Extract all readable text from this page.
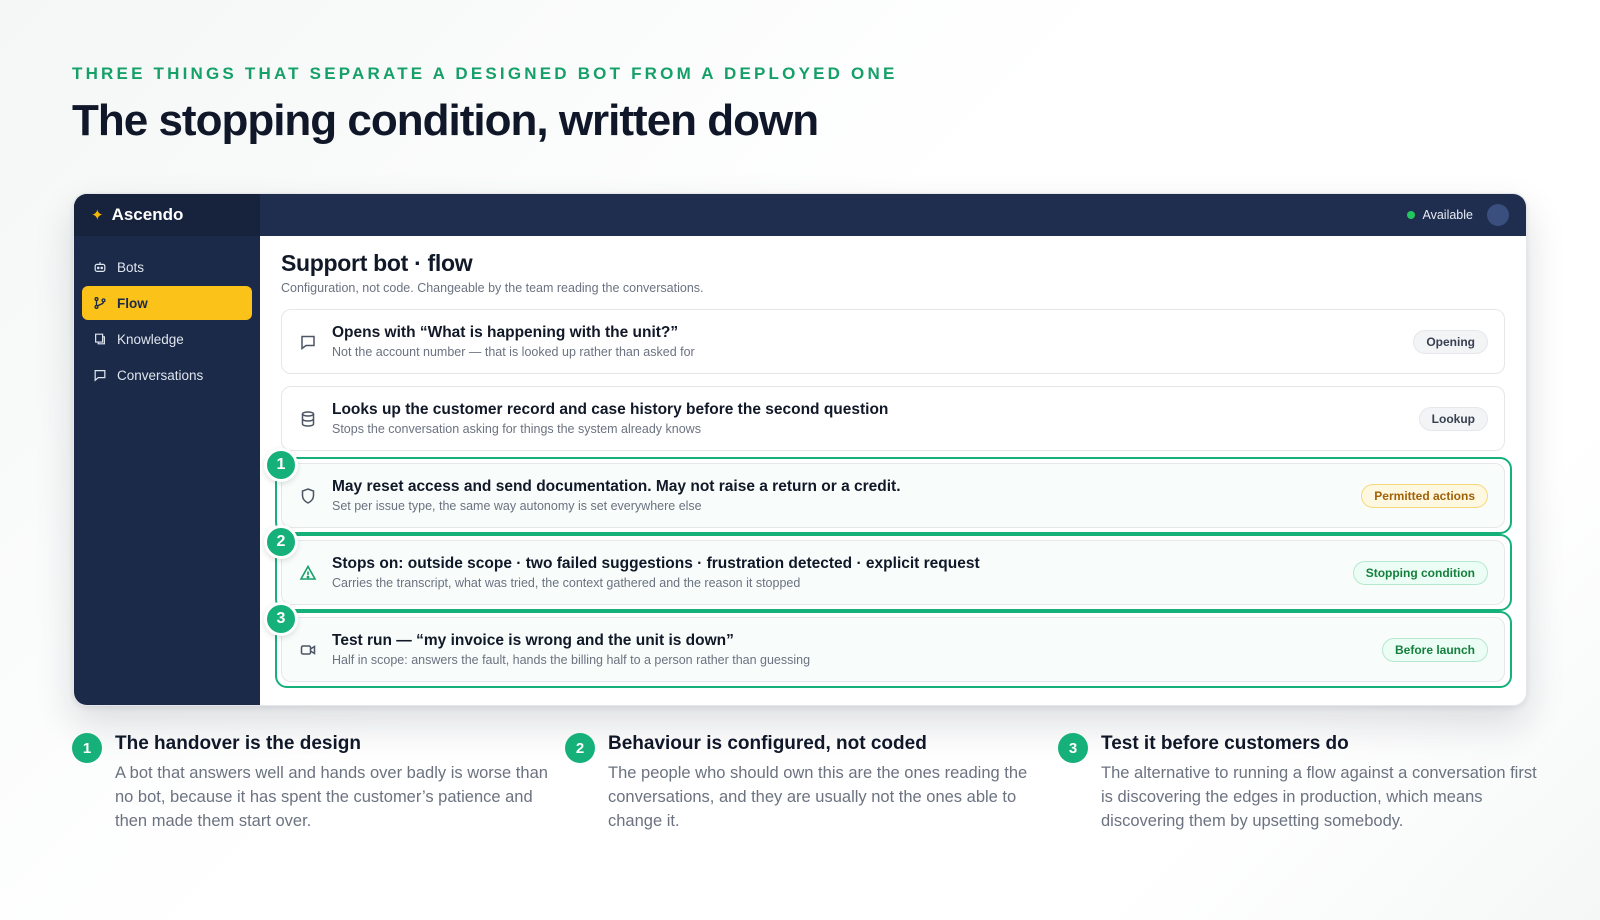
THREE THINGS THAT SEPARATE A DESIGNED BOT FROM A DEPLOYED ONE
The stopping condition, written down
✦ Ascendo
Bots
Flow
Knowledge
Conversations
Available
Support bot · flow
Configuration, not code. Changeable by the team reading the conversations.
Opens with “What is happening with the unit?”
Not the account number — that is looked up rather than asked for
Opening
Looks up the customer record and case history before the second question
Stops the conversation asking for things the system already knows
Lookup
May reset access and send documentation. May not raise a return or a credit.
Set per issue type, the same way autonomy is set everywhere else
Permitted actions
Stops on: outside scope · two failed suggestions · frustration detected · explicit request
Carries the transcript, what was tried, the context gathered and the reason it stopped
Stopping condition
Test run — “my invoice is wrong and the unit is down”
Half in scope: answers the fault, hands the billing half to a person rather than guessing
Before launch
1
2
3
1	The handover is the design
A bot that answers well and hands over badly is worse than no bot, because it has spent the customer’s patience and then made them start over.
2	Behaviour is configured, not coded
The people who should own this are the ones reading the conversations, and they are usually not the ones able to change it.
3	Test it before customers do
The alternative to running a flow against a conversation first is discovering the edges in production, which means discovering them by upsetting somebody.
